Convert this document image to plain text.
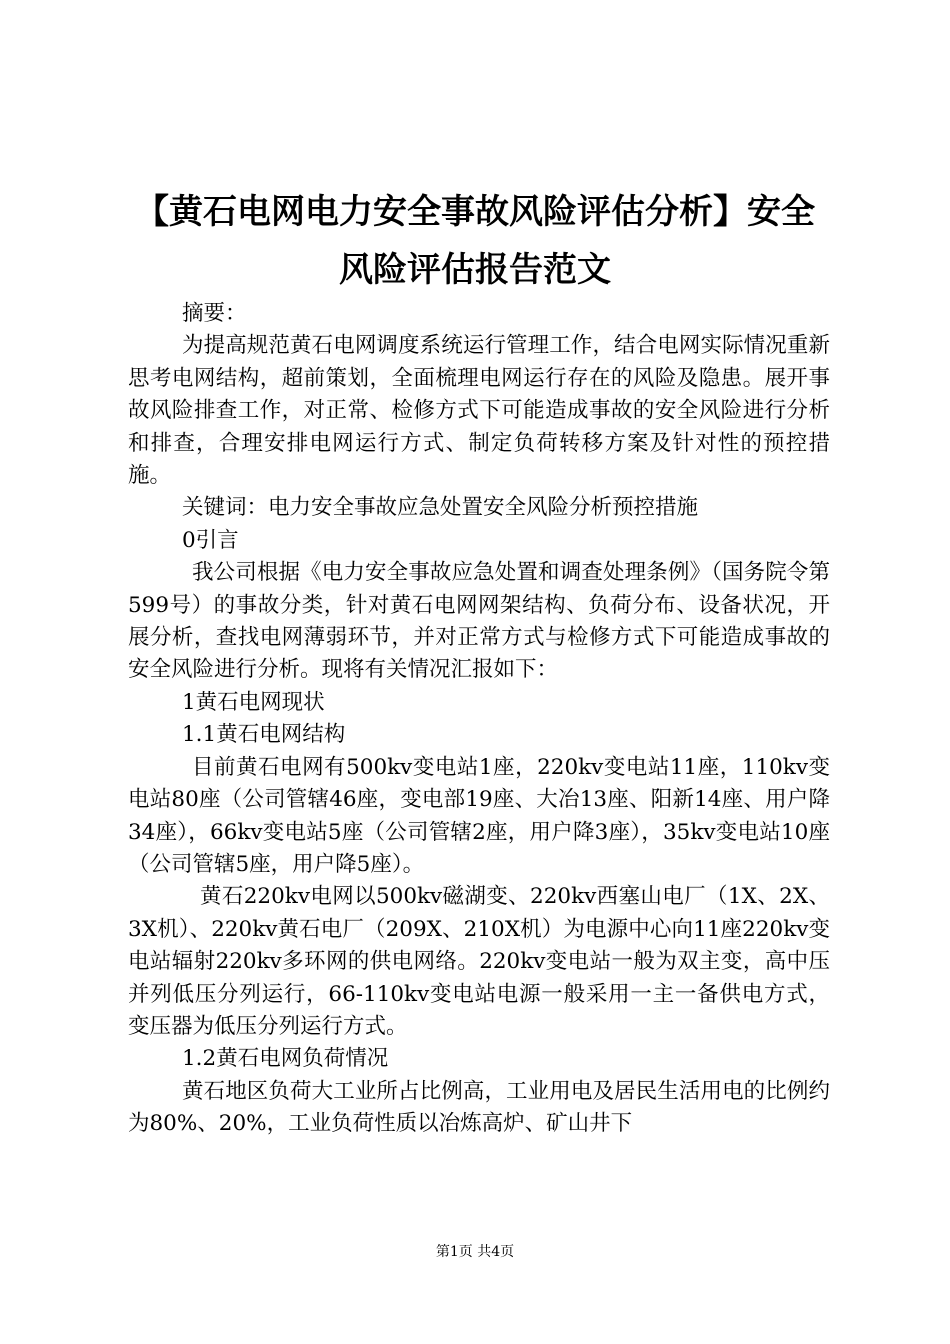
【黄石电网电力安全事故风险评估分析】安全
风险评估报告范文

摘要：

为提高规范黄石电网调度系统运行管理工作，结合电网实际情况重新思考电网结构，超前策划，全面梳理电网运行存在的风险及隐患。展开事故风险排查工作，对正常、检修方式下可能造成事故的安全风险进行分析和排查，合理安排电网运行方式、制定负荷转移方案及针对性的预控措施。

关键词：电力安全事故应急处置安全风险分析预控措施

0引言

我公司根据《电力安全事故应急处置和调查处理条例》（国务院令第599号）的事故分类，针对黄石电网网架结构、负荷分布、设备状况，开展分析，查找电网薄弱环节，并对正常方式与检修方式下可能造成事故的安全风险进行分析。现将有关情况汇报如下：

1黄石电网现状

1.1黄石电网结构

目前黄石电网有500kv变电站1座，220kv变电站11座，110kv变电站80座（公司管辖46座，变电部19座、大冶13座、阳新14座、用户降34座），66kv变电站5座（公司管辖2座，用户降3座），35kv变电站10座（公司管辖5座，用户降5座）。

黄石220kv电网以500kv磁湖变、220kv西塞山电厂（1X、2X、3X机）、220kv黄石电厂（209X、210X机）为电源中心向11座220kv变电站辐射220kv多环网的供电网络。220kv变电站一般为双主变，高中压并列低压分列运行，66-110kv变电站电源一般采用一主一备供电方式，变压器为低压分列运行方式。

1.2黄石电网负荷情况

黄石地区负荷大工业所占比例高，工业用电及居民生活用电的比例约为80%、20%，工业负荷性质以冶炼高炉、矿山井下

第1页 共4页
